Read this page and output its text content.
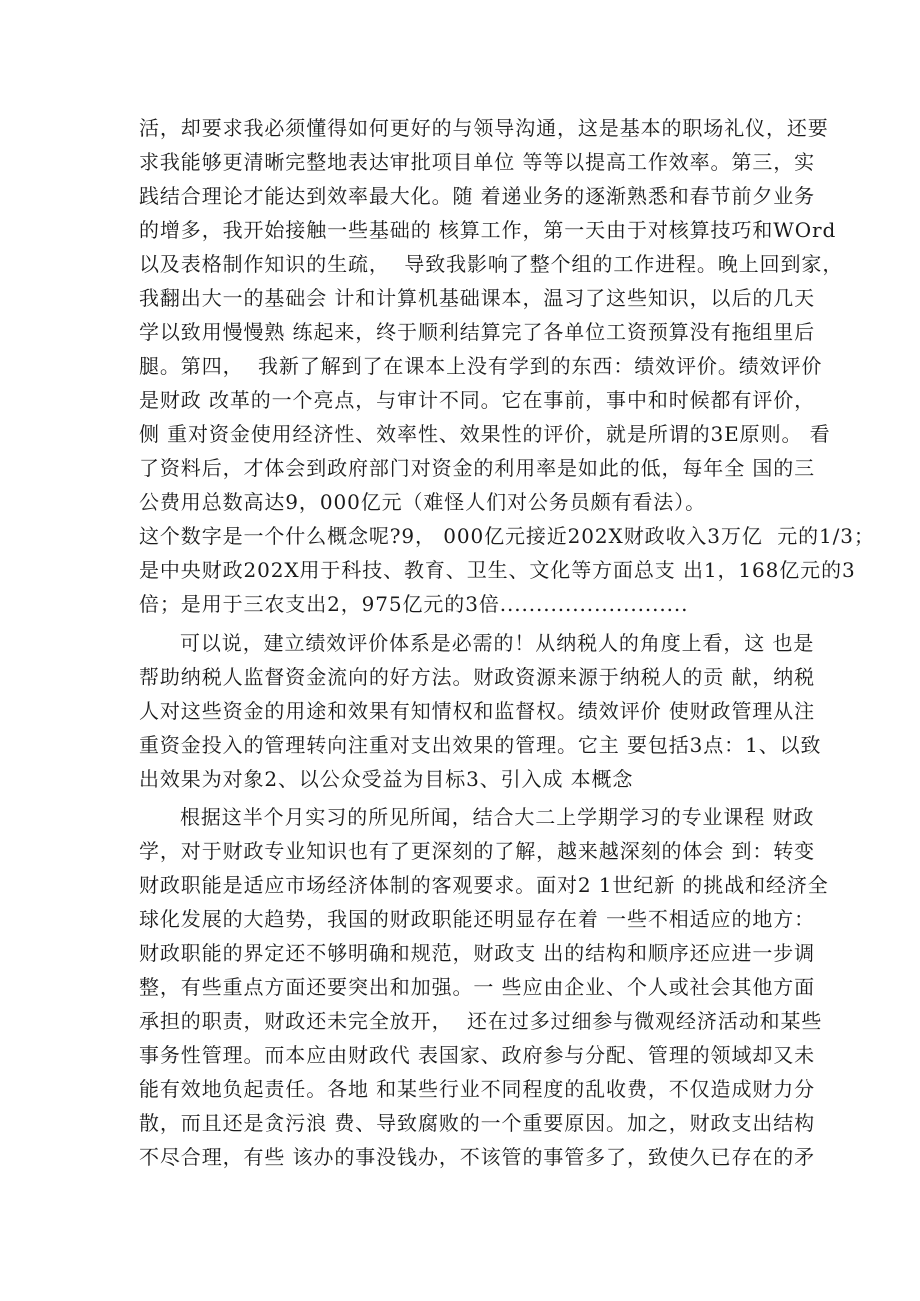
活，却要求我必须懂得如何更好的与领导沟通，这是基本的职场礼仪，还要
求我能够更清晰完整地表达审批项目单位 等等以提高工作效率。第三，实
践结合理论才能达到效率最大化。随 着递业务的逐渐熟悉和春节前夕业务
的增多，我开始接触一些基础的 核算工作，第一天由于对核算技巧和WOrd
以及表格制作知识的生疏，  导致我影响了整个组的工作进程。晚上回到家，
我翻出大一的基础会 计和计算机基础课本，温习了这些知识，以后的几天
学以致用慢慢熟 练起来，终于顺利结算完了各单位工资预算没有拖组里后
腿。第四，  我新了解到了在课本上没有学到的东西：绩效评价。绩效评价
是财政 改革的一个亮点，与审计不同。它在事前，事中和时候都有评价，
侧 重对资金使用经济性、效率性、效果性的评价，就是所谓的3E原则。 看
了资料后，才体会到政府部门对资金的利用率是如此的低，每年全 国的三
公费用总数高达9，000亿元（难怪人们对公务员颇有看法）。
这个数字是一个什么概念呢?9， 000亿元接近202X财政收入3万亿  元的1/3；
是中央财政202X用于科技、教育、卫生、文化等方面总支 出1，168亿元的3
倍；是用于三农支出2，975亿元的3倍..........................
可以说，建立绩效评价体系是必需的！从纳税人的角度上看，这 也是
帮助纳税人监督资金流向的好方法。财政资源来源于纳税人的贡 献，纳税
人对这些资金的用途和效果有知情权和监督权。绩效评价 使财政管理从注
重资金投入的管理转向注重对支出效果的管理。它主 要包括3点：1、以致
出效果为对象2、以公众受益为目标3、引入成 本概念
根据这半个月实习的所见所闻，结合大二上学期学习的专业课程 财政
学，对于财政专业知识也有了更深刻的了解，越来越深刻的体会 到：转变
财政职能是适应市场经济体制的客观要求。面对2 1世纪新 的挑战和经济全
球化发展的大趋势，我国的财政职能还明显存在着 一些不相适应的地方：
财政职能的界定还不够明确和规范，财政支 出的结构和顺序还应进一步调
整，有些重点方面还要突出和加强。一 些应由企业、个人或社会其他方面
承担的职责，财政还未完全放开，  还在过多过细参与微观经济活动和某些
事务性管理。而本应由财政代 表国家、政府参与分配、管理的领域却又未
能有效地负起责任。各地 和某些行业不同程度的乱收费，不仅造成财力分
散，而且还是贪污浪 费、导致腐败的一个重要原因。加之，财政支出结构
不尽合理，有些 该办的事没钱办，不该管的事管多了，致使久已存在的矛
